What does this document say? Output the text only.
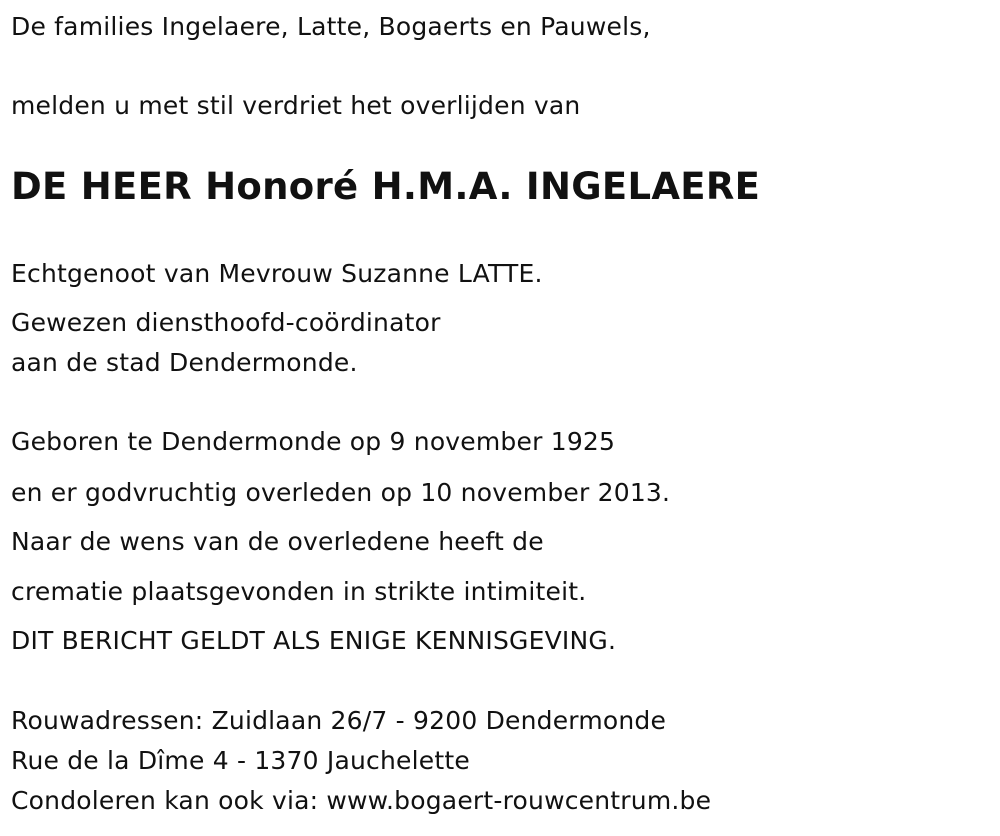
De families Ingelaere, Latte, Bogaerts en Pauwels,
melden u met stil verdriet het overlijden van
DE HEER Honoré H.M.A. INGELAERE
Echtgenoot van Mevrouw Suzanne LATTE.
Gewezen diensthoofd-coördinator
aan de stad Dendermonde.
Geboren te Dendermonde op 9 november 1925
en er godvruchtig overleden op 10 november 2013.
Naar de wens van de overledene heeft de
crematie plaatsgevonden in strikte intimiteit.
DIT BERICHT GELDT ALS ENIGE KENNISGEVING.
Rouwadressen: Zuidlaan 26/7 - 9200 Dendermonde
Rue de la Dîme 4 - 1370 Jauchelette
Condoleren kan ook via: www.bogaert-rouwcentrum.be
